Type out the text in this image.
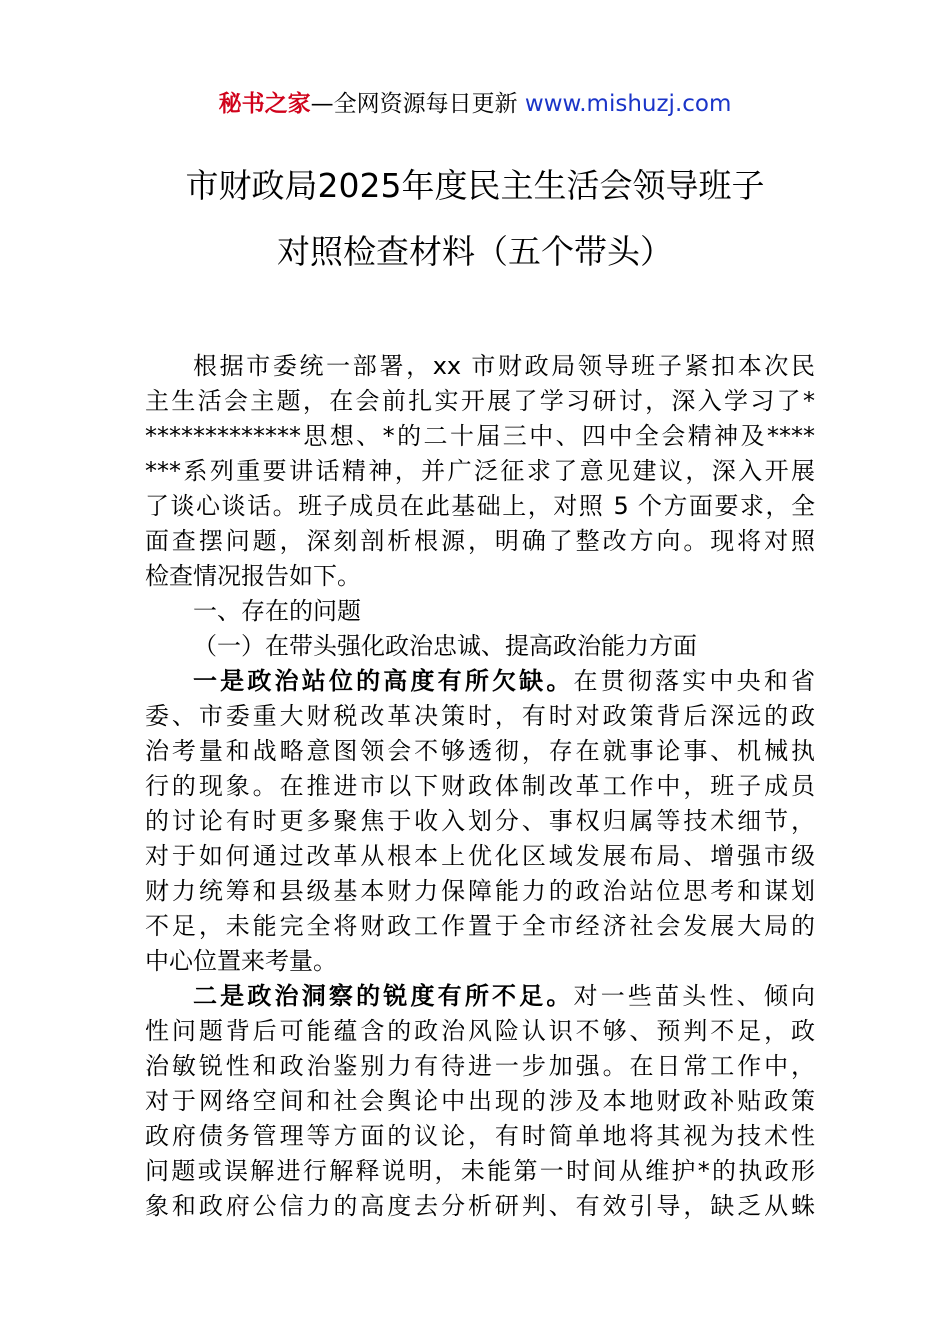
秘书之家—全网资源每日更新 www.mishuzj.com
市财政局2025年度民主生活会领导班子
对照检查材料（五个带头）
根据市委统一部署，xx 市财政局领导班子紧扣本次民
主生活会主题，在会前扎实开展了学习研讨，深入学习了*
*************思想、*的二十届三中、四中全会精神及****
***系列重要讲话精神，并广泛征求了意见建议，深入开展
了谈心谈话。班子成员在此基础上，对照 5 个方面要求，全
面查摆问题，深刻剖析根源，明确了整改方向。现将对照
检查情况报告如下。
一、存在的问题
（一）在带头强化政治忠诚、提高政治能力方面
一是政治站位的高度有所欠缺。在贯彻落实中央和省
委、市委重大财税改革决策时，有时对政策背后深远的政
治考量和战略意图领会不够透彻，存在就事论事、机械执
行的现象。在推进市以下财政体制改革工作中，班子成员
的讨论有时更多聚焦于收入划分、事权归属等技术细节，
对于如何通过改革从根本上优化区域发展布局、增强市级
财力统筹和县级基本财力保障能力的政治站位思考和谋划
不足，未能完全将财政工作置于全市经济社会发展大局的
中心位置来考量。
二是政治洞察的锐度有所不足。对一些苗头性、倾向
性问题背后可能蕴含的政治风险认识不够、预判不足，政
治敏锐性和政治鉴别力有待进一步加强。在日常工作中，
对于网络空间和社会舆论中出现的涉及本地财政补贴政策
政府债务管理等方面的议论，有时简单地将其视为技术性
问题或误解进行解释说明，未能第一时间从维护*的执政形
象和政府公信力的高度去分析研判、有效引导，缺乏从蛛
